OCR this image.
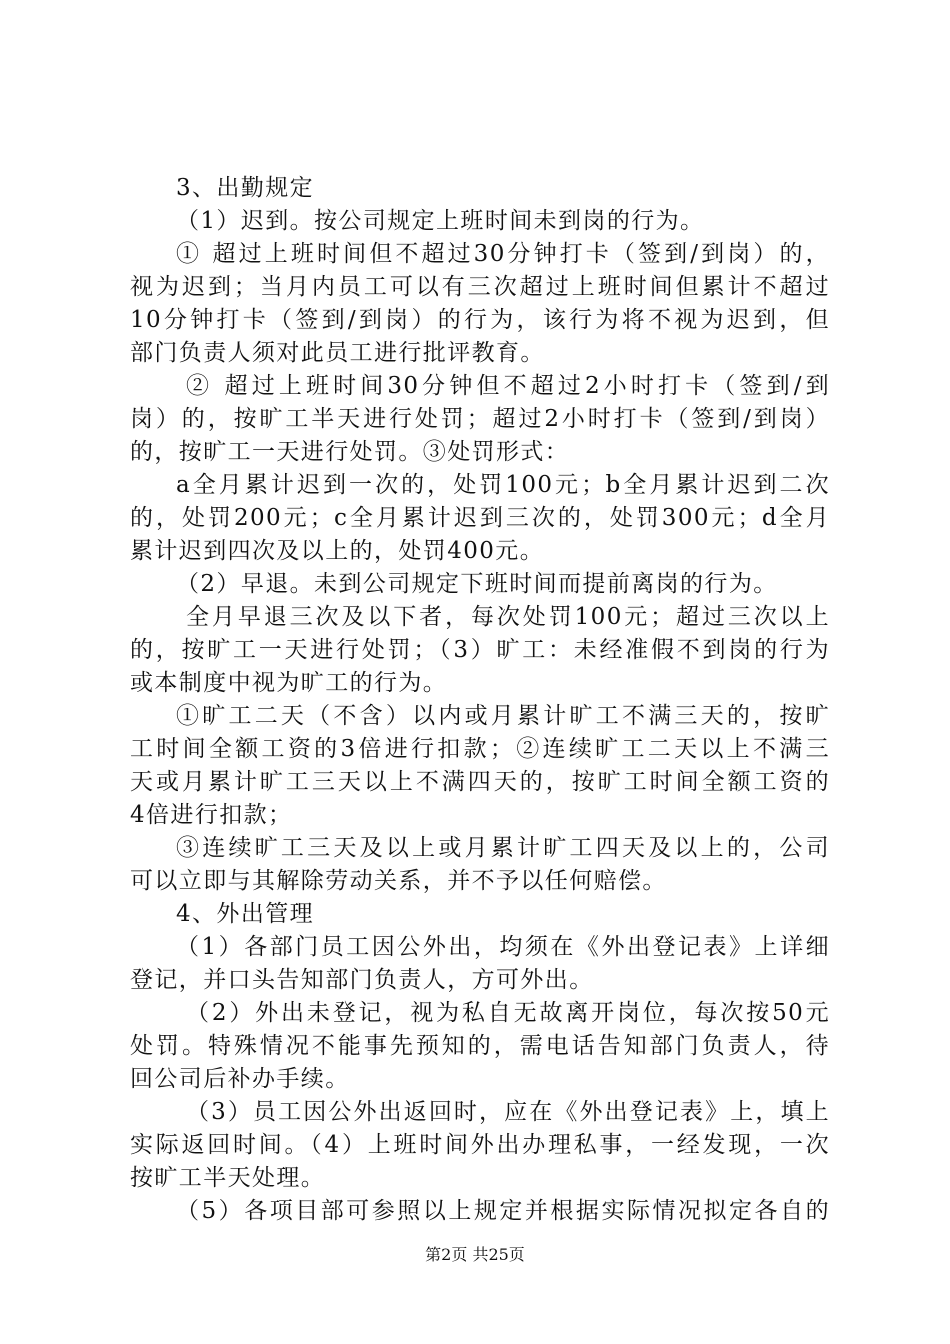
3、出勤规定
（1）迟到。按公司规定上班时间未到岗的行为。
① 超过上班时间但不超过30分钟打卡（签到/到岗）的，
视为迟到；当月内员工可以有三次超过上班时间但累计不超过
10分钟打卡（签到/到岗）的行为，该行为将不视为迟到，但
部门负责人须对此员工进行批评教育。
② 超过上班时间30分钟但不超过2小时打卡（签到/到
岗）的，按旷工半天进行处罚；超过2小时打卡（签到/到岗）
的，按旷工一天进行处罚。③处罚形式：
a全月累计迟到一次的，处罚100元；b全月累计迟到二次
的，处罚200元；c全月累计迟到三次的，处罚300元；d全月
累计迟到四次及以上的，处罚400元。
（2）早退。未到公司规定下班时间而提前离岗的行为。
全月早退三次及以下者，每次处罚100元；超过三次以上
的，按旷工一天进行处罚；（3）旷工：未经准假不到岗的行为
或本制度中视为旷工的行为。
①旷工二天（不含）以内或月累计旷工不满三天的，按旷
工时间全额工资的3倍进行扣款；②连续旷工二天以上不满三
天或月累计旷工三天以上不满四天的，按旷工时间全额工资的
4倍进行扣款；
③连续旷工三天及以上或月累计旷工四天及以上的，公司
可以立即与其解除劳动关系，并不予以任何赔偿。
4、外出管理
（1）各部门员工因公外出，均须在《外出登记表》上详细
登记，并口头告知部门负责人，方可外出。
（2）外出未登记，视为私自无故离开岗位，每次按50元
处罚。特殊情况不能事先预知的，需电话告知部门负责人，待
回公司后补办手续。
（3）员工因公外出返回时，应在《外出登记表》上，填上
实际返回时间。（4）上班时间外出办理私事，一经发现，一次
按旷工半天处理。
（5）各项目部可参照以上规定并根据实际情况拟定各自的
第2页 共25页
